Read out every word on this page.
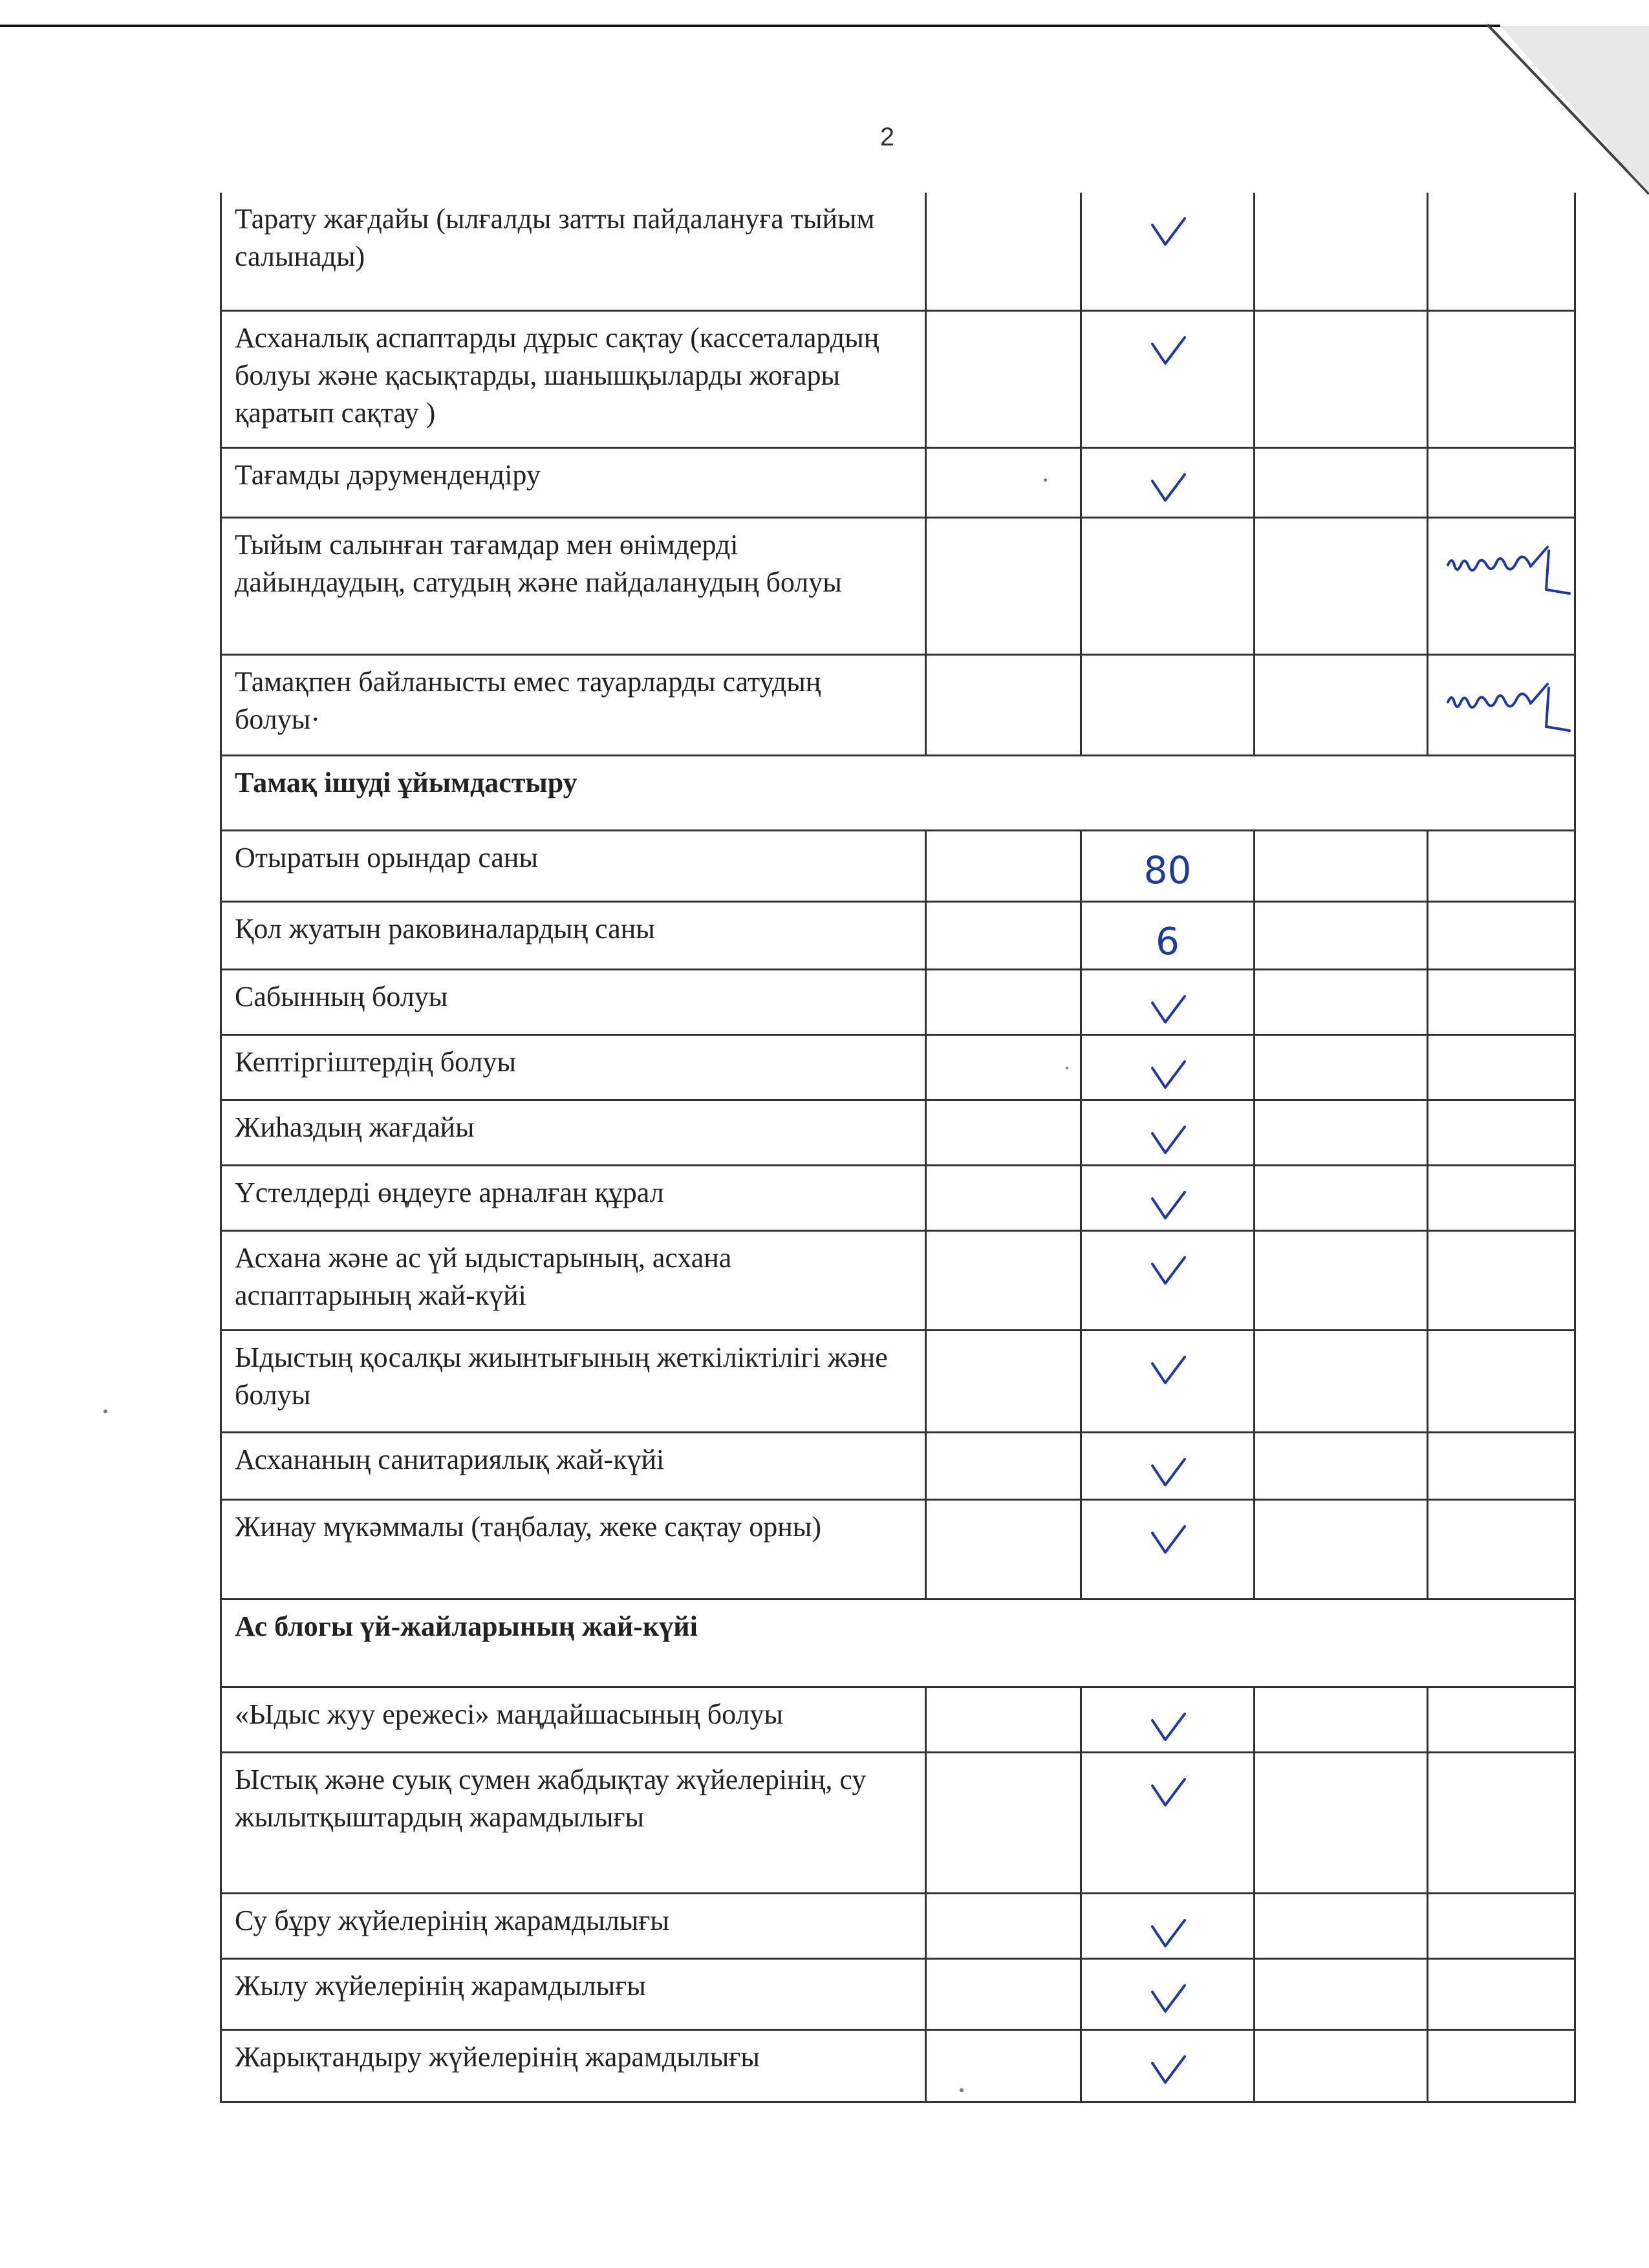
2
Тарату жағдайы (ылғалды затты пайдалануға тыйым салынады)		

Асханалық аспаптарды дұрыс сақтау (кассеталардың болуы және қасықтарды, шанышқыларды жоғары қаратып сақтау )		

Тағамды дәрумендендіру		

Тыйым салынған тағамдар мен өнімдерді дайындаудың, сатудың және пайдаланудың болуы				

Тамақпен байланысты емес тауарларды сатудың болуы·				

Тамақ ішуді ұйымдастыру				
Отыратын орындар саны		80		

Қол жуатын раковиналардың саны		6		

Сабынның болуы		

Кептіргіштердің болуы		

Жиһаздың жағдайы		

Үстелдерді өңдеуге арналған құрал		

Асхана және ас үй ыдыстарының, асхана аспаптарының жай-күйі		

Ыдыстың қосалқы жиынтығының жеткіліктілігі және болуы		

Асхананың санитариялық жай-күйі		

Жинау мүкәммалы (таңбалау, жеке сақтау орны)		

Ас блогы үй-жайларының жай-күйі				
«Ыдыс жуу ережесі» маңдайшасының болуы		

Ыстық және суық сумен жабдықтау жүйелерінің, су жылытқыштардың жарамдылығы		

Су бұру жүйелерінің жарамдылығы		

Жылу жүйелерінің жарамдылығы		

Жарықтандыру жүйелерінің жарамдылығы		
